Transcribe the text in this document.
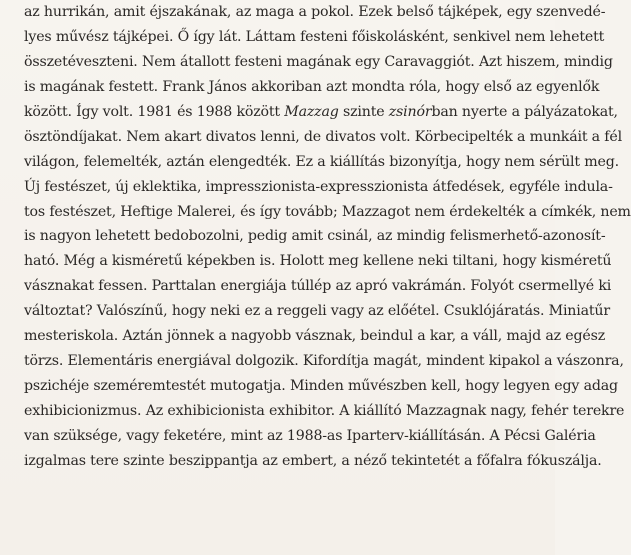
az hurrikán, amit éjszakának, az maga a pokol. Ezek belső tájképek, egy szenvedé-

lyes művész tájképei. Ő így lát. Láttam festeni főiskolásként, senkivel nem lehetett

összetéveszteni. Nem átallott festeni magának egy Caravaggiót. Azt hiszem, mindig

is magának festett. Frank János akkoriban azt mondta róla, hogy első az egyenlők

között. Így volt. 1981 és 1988 között Mazzag szinte zsinórban nyerte a pályázatokat,

ösztöndíjakat. Nem akart divatos lenni, de divatos volt. Körbecipelték a munkáit a fél

világon, felemelték, aztán elengedték. Ez a kiállítás bizonyítja, hogy nem sérült meg.

Új festészet, új eklektika, impresszionista-expresszionista átfedések, egyféle indula-

tos festészet, Heftige Malerei, és így tovább; Mazzagot nem érdekelték a címkék, nem

is nagyon lehetett bedobozolni, pedig amit csinál, az mindig felismerhető-azonosít-

ható. Még a kisméretű képekben is. Holott meg kellene neki tiltani, hogy kisméretű

vásznakat fessen. Parttalan energiája túllép az apró vakrámán. Folyót csermellyé ki

változtat? Valószínű, hogy neki ez a reggeli vagy az előétel. Csuklójáratás. Miniatűr

mesteriskola. Aztán jönnek a nagyobb vásznak, beindul a kar, a váll, majd az egész

törzs. Elementáris energiával dolgozik. Kifordítja magát, mindent kipakol a vászonra,

pszichéje szeméremtestét mutogatja. Minden művészben kell, hogy legyen egy adag

exhibicionizmus. Az exhibicionista exhibitor. A kiállító Mazzagnak nagy, fehér terekre

van szüksége, vagy feketére, mint az 1988-as Iparterv-kiállításán. A Pécsi Galéria

izgalmas tere szinte beszippantja az embert, a néző tekintetét a főfalra fókuszálja.
